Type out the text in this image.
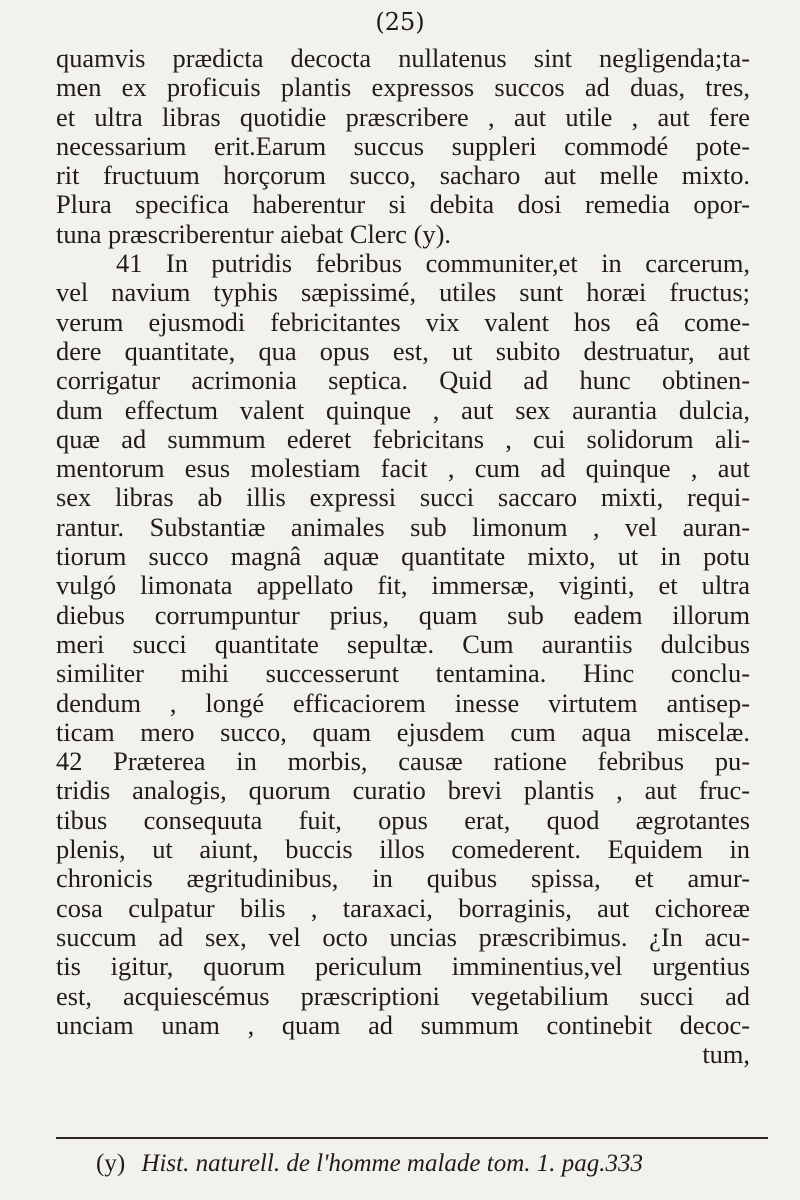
(25)
quamvis prædicta decocta nullatenus sint negligenda;ta-
men ex proficuis plantis expressos succos ad duas, tres,
et ultra libras quotidie præscribere , aut utile , aut fere
necessarium erit.Earum succus suppleri commodé pote-
rit fructuum horçorum succo, sacharo aut melle mixto.
Plura specifica haberentur si debita dosi remedia opor-
tuna præscriberentur aiebat Clerc (y).
41 In putridis febribus communiter,et in carcerum,
vel navium typhis sæpissimé, utiles sunt horæi fructus;
verum ejusmodi febricitantes vix valent hos eâ come-
dere quantitate, qua opus est, ut subito destruatur, aut
corrigatur acrimonia septica. Quid ad hunc obtinen-
dum effectum valent quinque , aut sex aurantia dulcia,
quæ ad summum ederet febricitans , cui solidorum ali-
mentorum esus molestiam facit , cum ad quinque , aut
sex libras ab illis expressi succi saccaro mixti, requi-
rantur. Substantiæ animales sub limonum , vel auran-
tiorum succo magnâ aquæ quantitate mixto, ut in potu
vulgó limonata appellato fit, immersæ, viginti, et ultra
diebus corrumpuntur prius, quam sub eadem illorum
meri succi quantitate sepultæ. Cum aurantiis dulcibus
similiter mihi successerunt tentamina. Hinc conclu-
dendum , longé efficaciorem inesse virtutem antisep-
ticam mero succo, quam ejusdem cum aqua miscelæ.
42 Præterea in morbis, causæ ratione febribus pu-
tridis analogis, quorum curatio brevi plantis , aut fruc-
tibus consequuta fuit, opus erat, quod ægrotantes
plenis, ut aiunt, buccis illos comederent. Equidem in
chronicis ægritudinibus, in quibus spissa, et amur-
cosa culpatur bilis , taraxaci, borraginis, aut cichoreæ
succum ad sex, vel octo uncias præscribimus. ¿In acu-
tis igitur, quorum periculum imminentius,vel urgentius
est, acquiescémus præscriptioni vegetabilium succi ad
unciam unam , quam ad summum continebit decoc-
tum,
(y) Hist. naturell. de l'homme malade tom. 1. pag.333
